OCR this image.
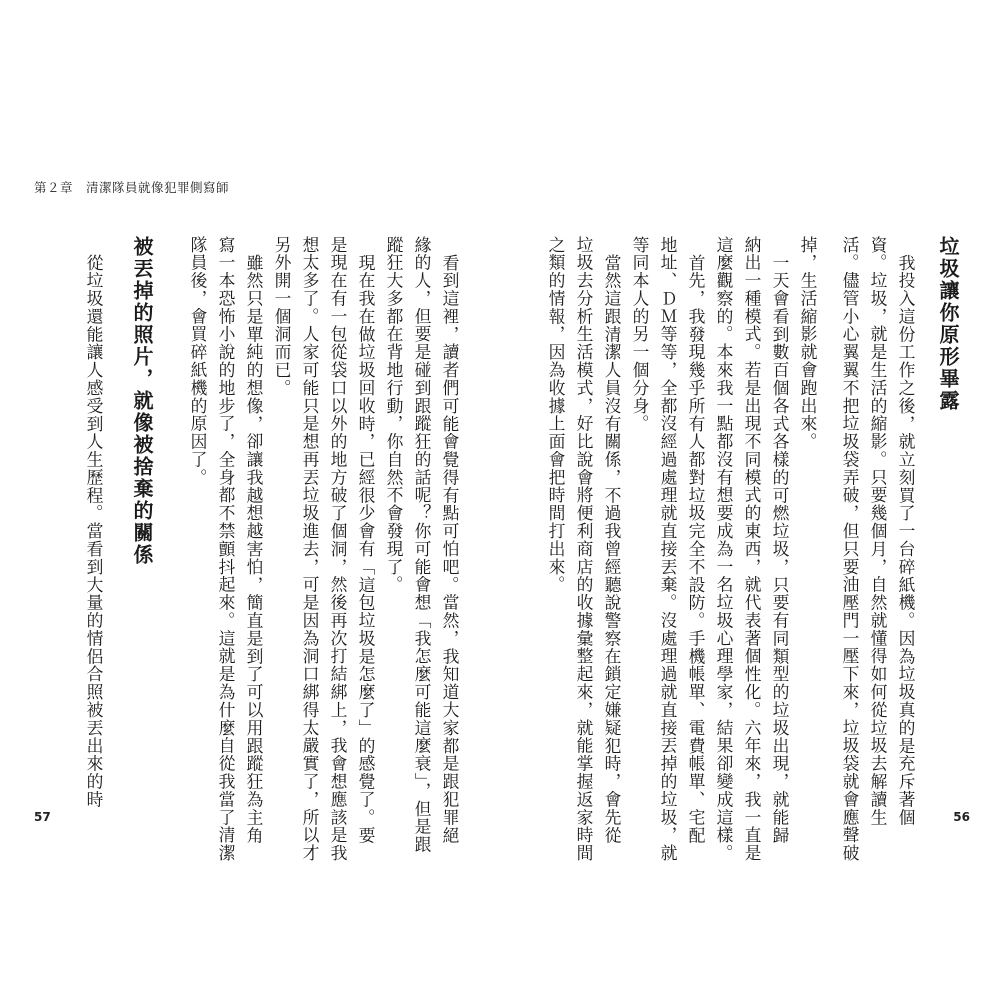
第２章　清潔隊員就像犯罪側寫師
垃圾讓你原形畢露
我投入這份工作之後，就立刻買了一台碎紙機。因為垃圾真的是充斥著個
資。垃圾，就是生活的縮影。只要幾個月，自然就懂得如何從垃圾去解讀生
活。儘管小心翼翼不把垃圾袋弄破，但只要油壓門一壓下來，垃圾袋就會應聲破
掉，生活縮影就會跑出來。
一天會看到數百個各式各樣的可燃垃圾，只要有同類型的垃圾出現，就能歸
納出一種模式。若是出現不同模式的東西，就代表著個性化。六年來，我一直是
這麼觀察的。本來我一點都沒有想要成為一名垃圾心理學家，結果卻變成這樣。
首先，我發現幾乎所有人都對垃圾完全不設防。手機帳單、電費帳單、宅配
地址、ＤＭ等等，全都沒經過處理就直接丟棄。沒處理過就直接丟掉的垃圾，就
等同本人的另一個分身。
當然這跟清潔人員沒有關係，不過我曾經聽說警察在鎖定嫌疑犯時，會先從
垃圾去分析生活模式，好比說會將便利商店的收據彙整起來，就能掌握返家時間
之類的情報，因為收據上面會把時間打出來。
看到這裡，讀者們可能會覺得有點可怕吧。當然，我知道大家都是跟犯罪絕
緣的人，但要是碰到跟蹤狂的話呢？你可能會想「我怎麼可能這麼衰」，但是跟
蹤狂大多都在背地行動，你自然不會發現了。
現在我在做垃圾回收時，已經很少會有「這包垃圾是怎麼了」的感覺了。要
是現在有一包從袋口以外的地方破了個洞，然後再次打結綁上，我會想應該是我
想太多了。人家可能只是想再丟垃圾進去，可是因為洞口綁得太嚴實了，所以才
另外開一個洞而已。
雖然只是單純的想像，卻讓我越想越害怕，簡直是到了可以用跟蹤狂為主角
寫一本恐怖小說的地步了，全身都不禁顫抖起來。這就是為什麼自從我當了清潔
隊員後，會買碎紙機的原因了。
被丟掉的照片，就像被捨棄的關係
從垃圾還能讓人感受到人生歷程。當看到大量的情侶合照被丟出來的時
57	56
